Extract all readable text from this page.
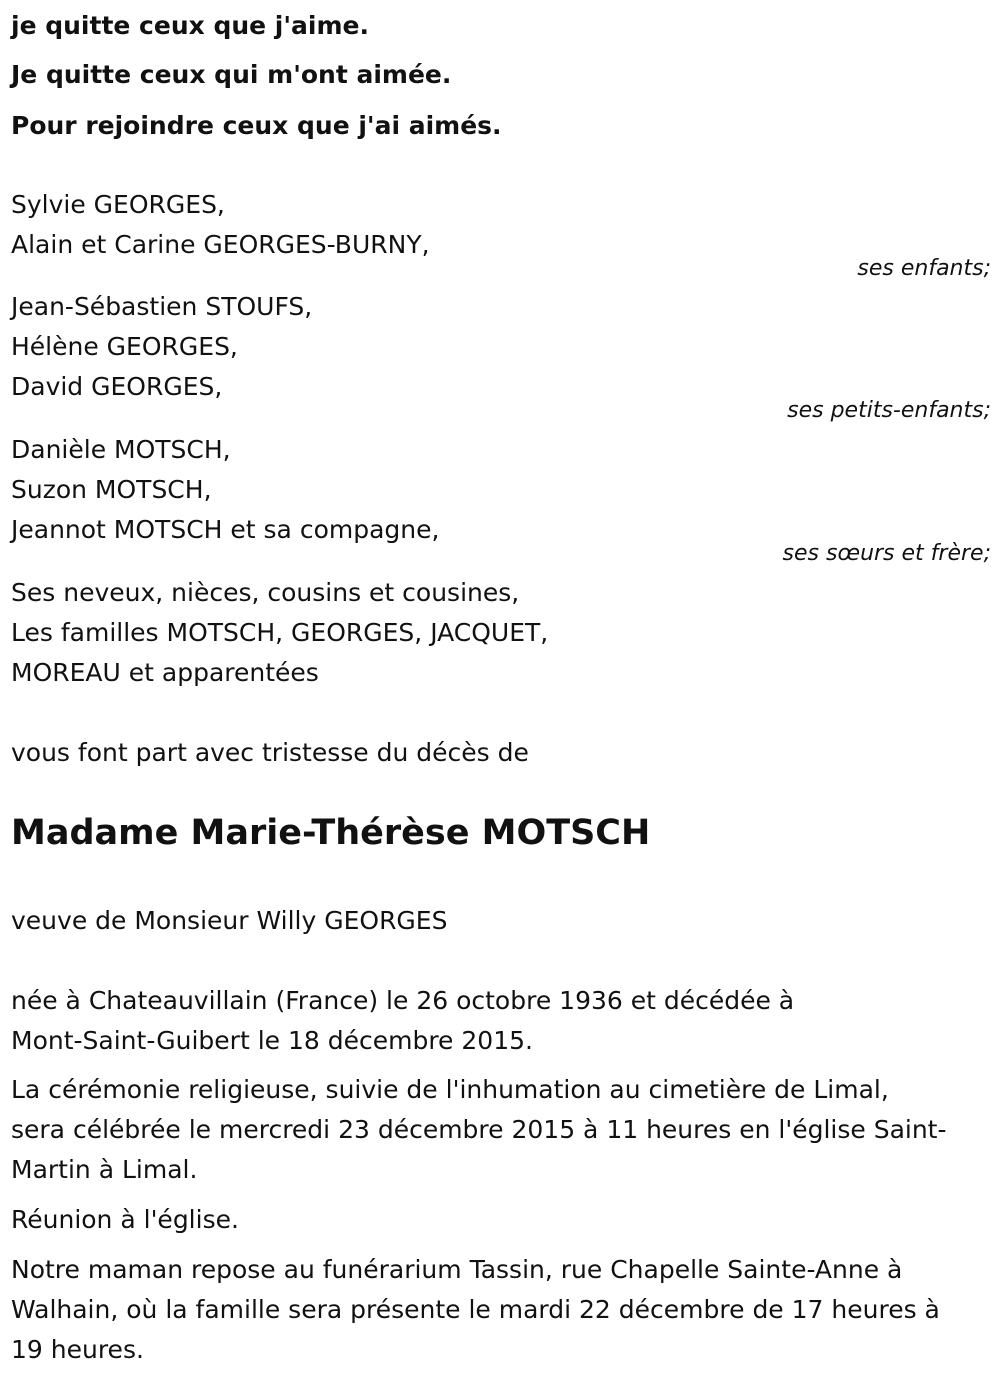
je quitte ceux que j'aime.
Je quitte ceux qui m'ont aimée.
Pour rejoindre ceux que j'ai aimés.
Sylvie GEORGES,
Alain et Carine GEORGES-BURNY,
ses enfants;
Jean-Sébastien STOUFS,
Hélène GEORGES,
David GEORGES,
ses petits-enfants;
Danièle MOTSCH,
Suzon MOTSCH,
Jeannot MOTSCH et sa compagne,
ses sœurs et frère;
Ses neveux, nièces, cousins et cousines,
Les familles MOTSCH, GEORGES, JACQUET,
MOREAU et apparentées
vous font part avec tristesse du décès de
Madame Marie-Thérèse MOTSCH
veuve de Monsieur Willy GEORGES
née à Chateauvillain (France) le 26 octobre 1936 et décédée à
Mont-Saint-Guibert le 18 décembre 2015.
La cérémonie religieuse, suivie de l'inhumation au cimetière de Limal,
sera célébrée le mercredi 23 décembre 2015 à 11 heures en l'église Saint-
Martin à Limal.
Réunion à l'église.
Notre maman repose au funérarium Tassin, rue Chapelle Sainte-Anne à
Walhain, où la famille sera présente le mardi 22 décembre de 17 heures à
19 heures.
